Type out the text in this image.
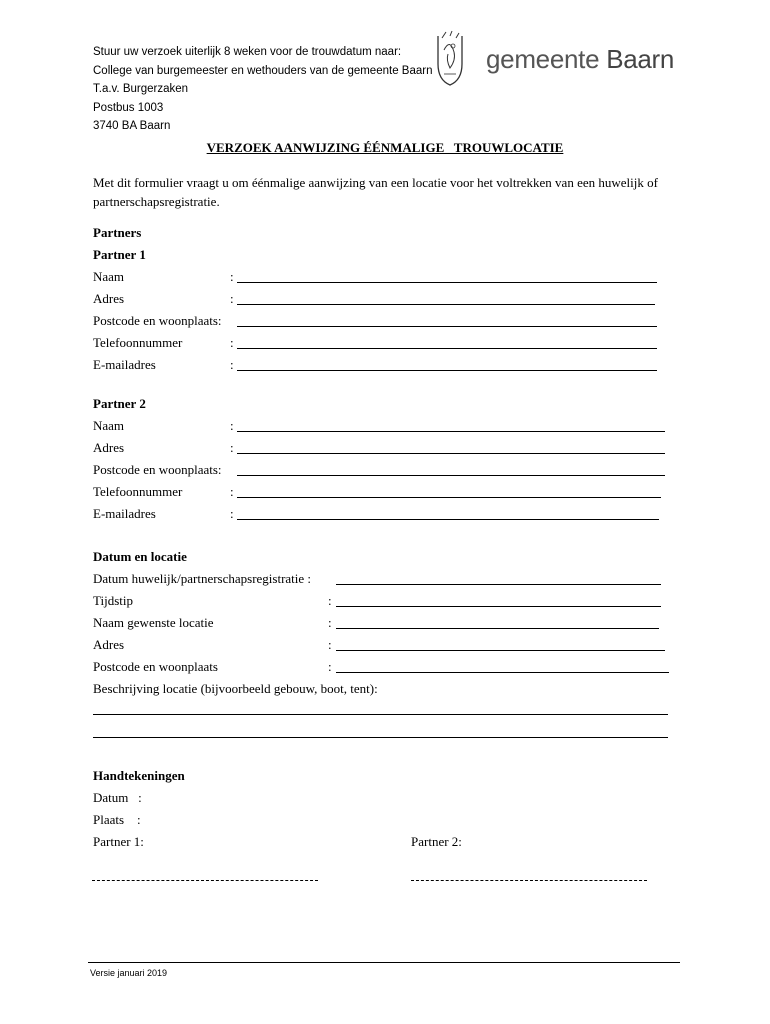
Stuur uw verzoek uiterlijk 8 weken voor de trouwdatum naar:
College van burgemeester en wethouders van de gemeente Baarn
T.a.v. Burgerzaken
Postbus 1003
3740 BA Baarn
gemeente Baarn
VERZOEK AANWIJZING ÉÉNMALIGE   TROUWLOCATIE
Met dit formulier vraagt u om éénmalige aanwijzing van een locatie voor het voltrekken van een huwelijk of partnerschapsregistratie.
Partners
Partner 1
Naam	:
Adres	:
Postcode en woonplaats:
Telefoonnummer	:
E-mailadres	:
Partner 2
Naam	:
Adres	:
Postcode en woonplaats:
Telefoonnummer	:
E-mailadres	:
Datum en locatie
Datum huwelijk/partnerschapsregistratie :
Tijdstip	:
Naam gewenste locatie	:
Adres	:
Postcode en woonplaats	:
Beschrijving locatie (bijvoorbeeld gebouw, boot, tent):
Handtekeningen
Datum   :
Plaats    :
Partner 1:	Partner 2:
Versie januari 2019
